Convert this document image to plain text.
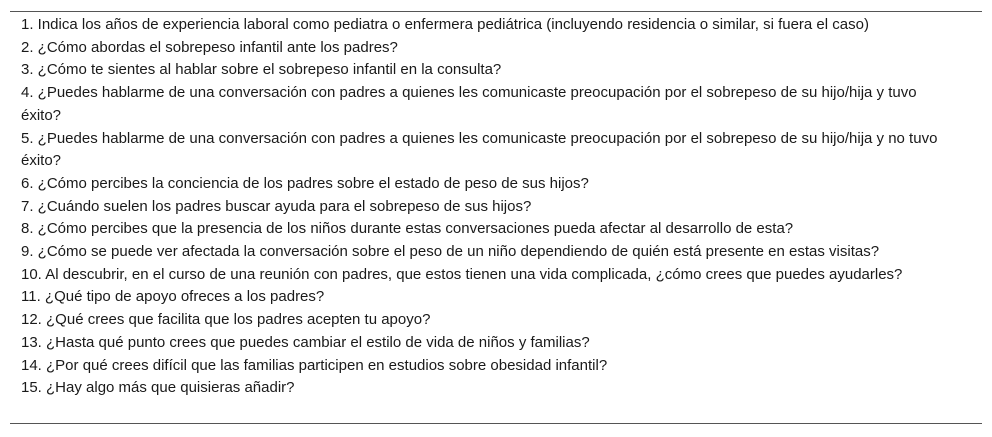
1. Indica los años de experiencia laboral como pediatra o enfermera pediátrica (incluyendo residencia o similar, si fuera el caso)
2. ¿Cómo abordas el sobrepeso infantil ante los padres?
3. ¿Cómo te sientes al hablar sobre el sobrepeso infantil en la consulta?
4. ¿Puedes hablarme de una conversación con padres a quienes les comunicaste preocupación por el sobrepeso de su hijo/hija y tuvo éxito?
5. ¿Puedes hablarme de una conversación con padres a quienes les comunicaste preocupación por el sobrepeso de su hijo/hija y no tuvo éxito?
6. ¿Cómo percibes la conciencia de los padres sobre el estado de peso de sus hijos?
7. ¿Cuándo suelen los padres buscar ayuda para el sobrepeso de sus hijos?
8. ¿Cómo percibes que la presencia de los niños durante estas conversaciones pueda afectar al desarrollo de esta?
9. ¿Cómo se puede ver afectada la conversación sobre el peso de un niño dependiendo de quién está presente en estas visitas?
10. Al descubrir, en el curso de una reunión con padres, que estos tienen una vida complicada, ¿cómo crees que puedes ayudarles?
11. ¿Qué tipo de apoyo ofreces a los padres?
12. ¿Qué crees que facilita que los padres acepten tu apoyo?
13. ¿Hasta qué punto crees que puedes cambiar el estilo de vida de niños y familias?
14. ¿Por qué crees difícil que las familias participen en estudios sobre obesidad infantil?
15. ¿Hay algo más que quisieras añadir?
